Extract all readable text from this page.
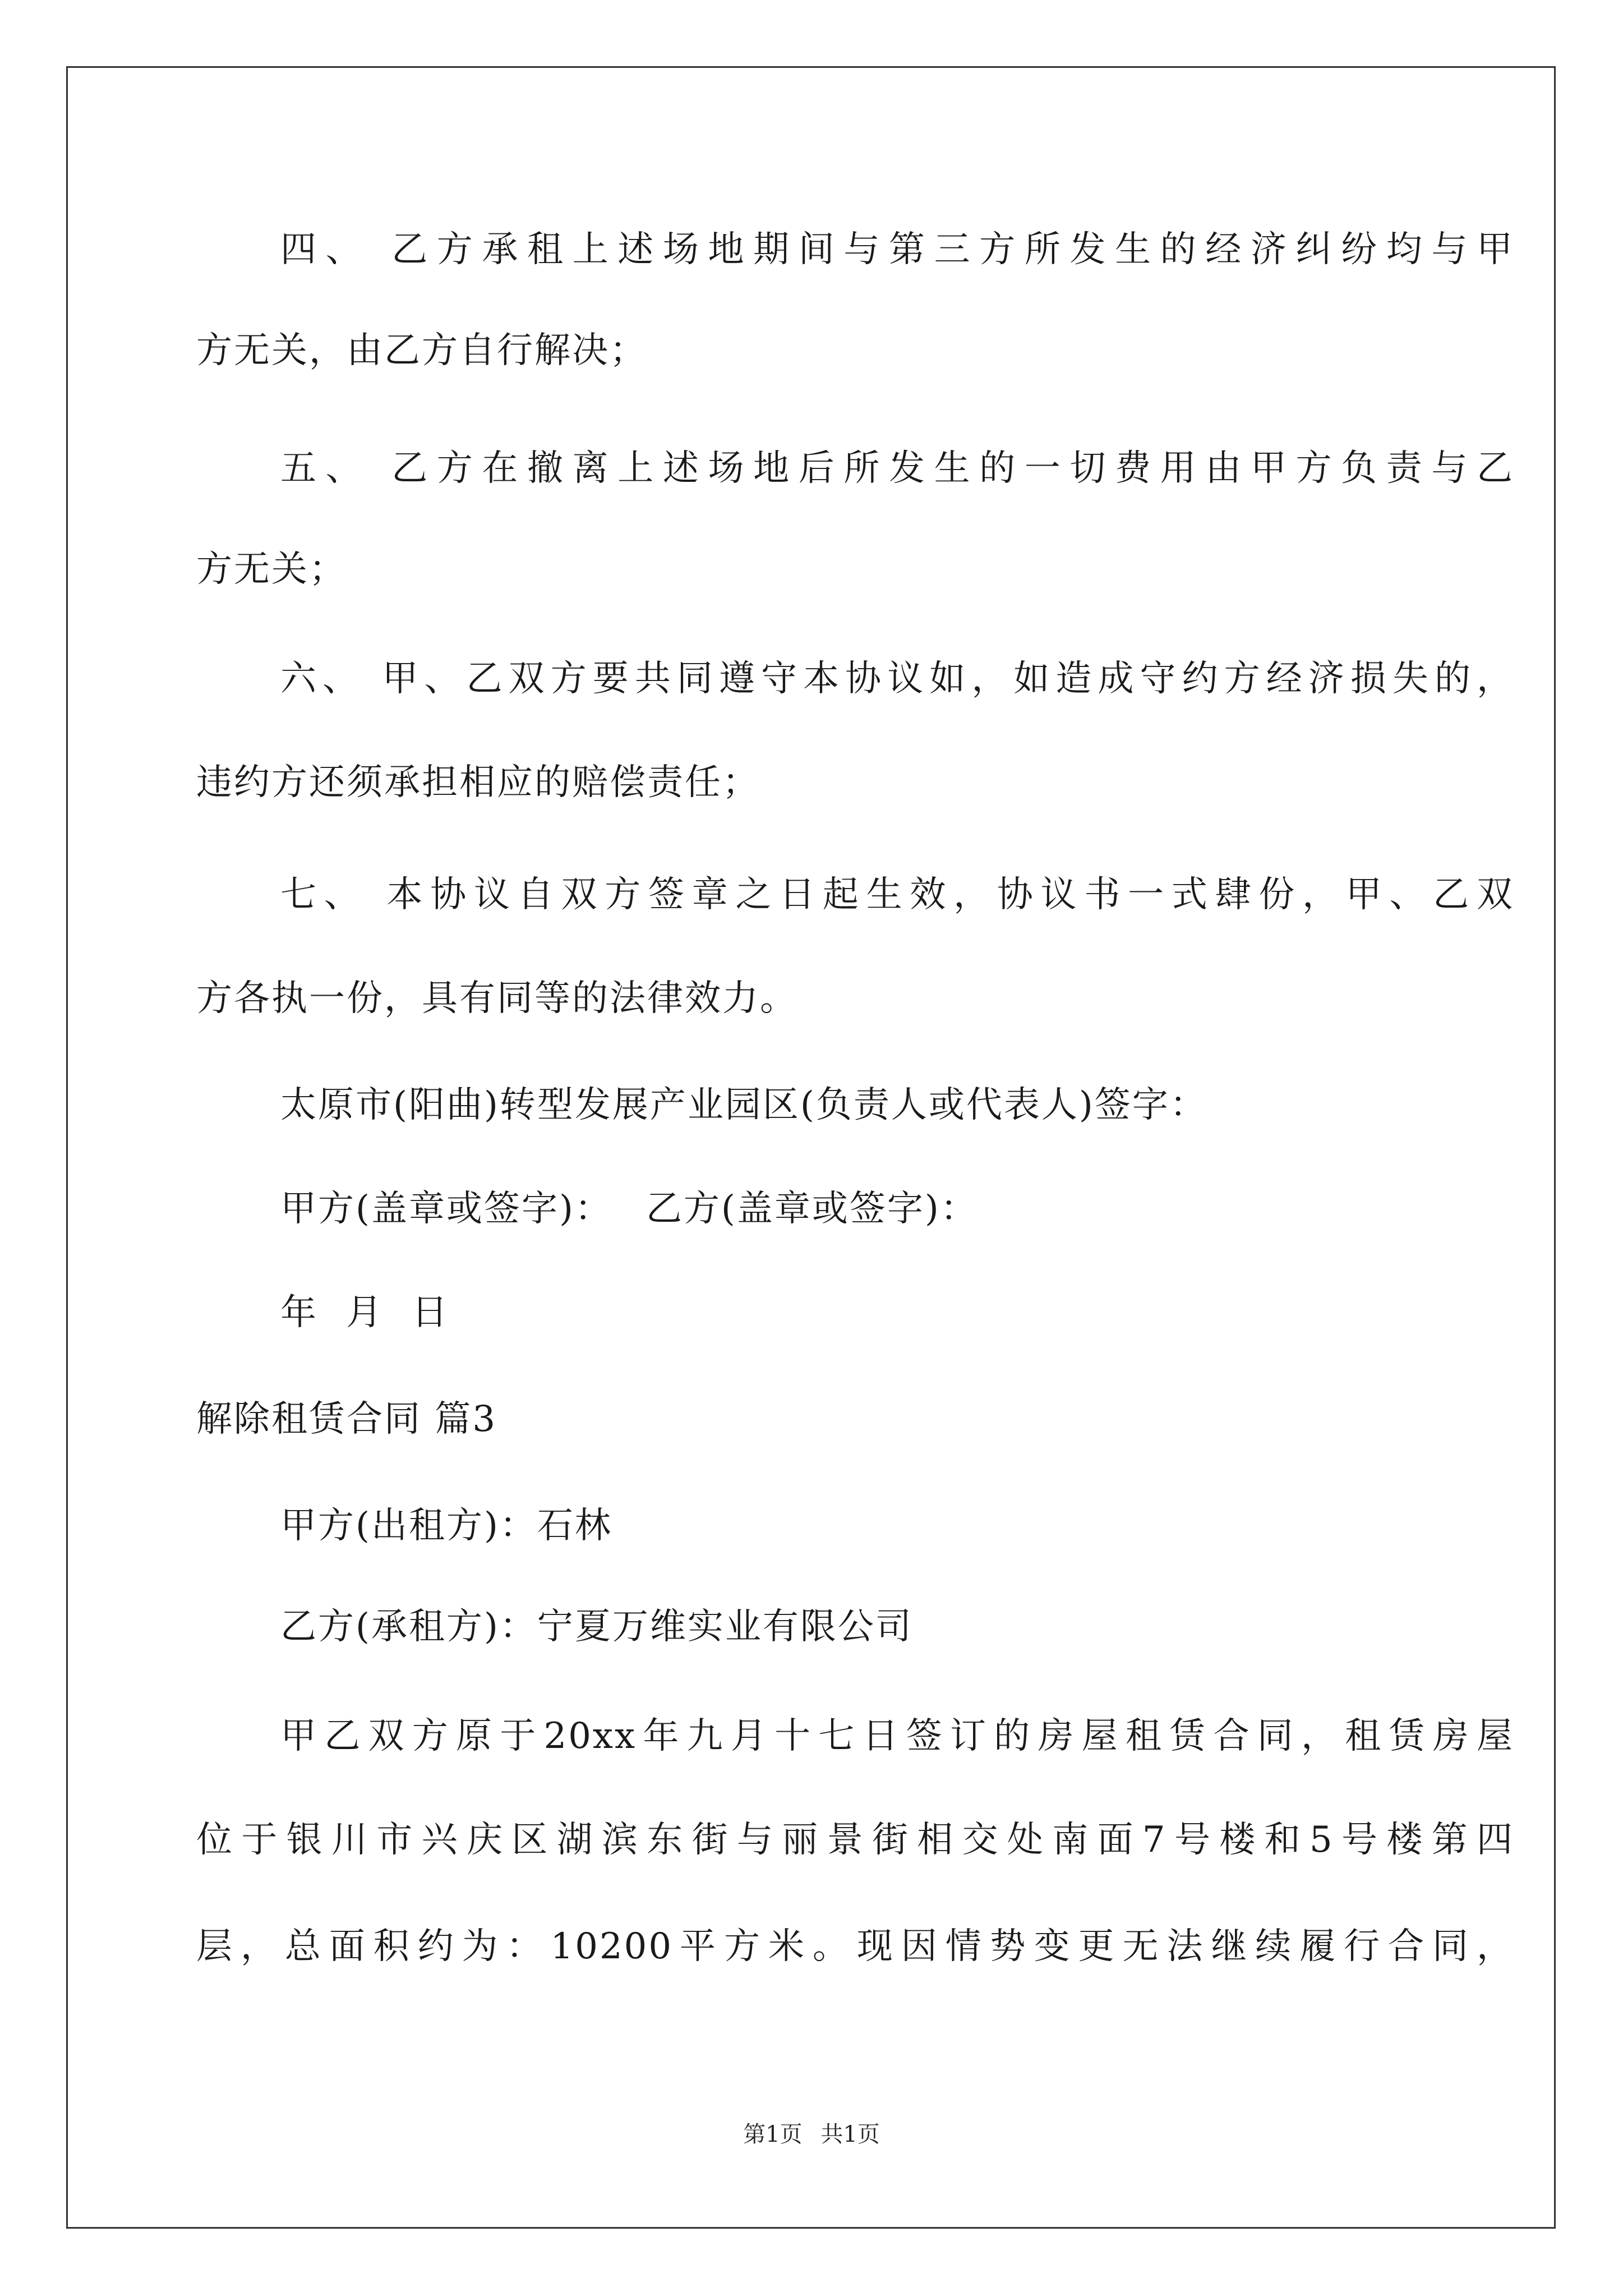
四、 乙方承租上述场地期间与第三方所发生的经济纠纷均与甲
方无关，由乙方自行解决；
五、 乙方在撤离上述场地后所发生的一切费用由甲方负责与乙
方无关；
六、 甲、乙双方要共同遵守本协议如，如造成守约方经济损失的，
违约方还须承担相应的赔偿责任；
七、 本协议自双方签章之日起生效，协议书一式肆份，甲、乙双
方各执一份，具有同等的法律效力。
太原市(阳曲)转型发展产业园区(负责人或代表人)签字：
甲方(盖章或签字)： 乙方(盖章或签字)：
年 月 日
解除租赁合同 篇3
甲方(出租方)：石林
乙方(承租方)：宁夏万维实业有限公司
甲乙双方原于20xx年九月十七日签订的房屋租赁合同，租赁房屋
位于银川市兴庆区湖滨东街与丽景街相交处南面7号楼和5号楼第四
层，总面积约为：10200平方米。现因情势变更无法继续履行合同，
第1页 共1页
